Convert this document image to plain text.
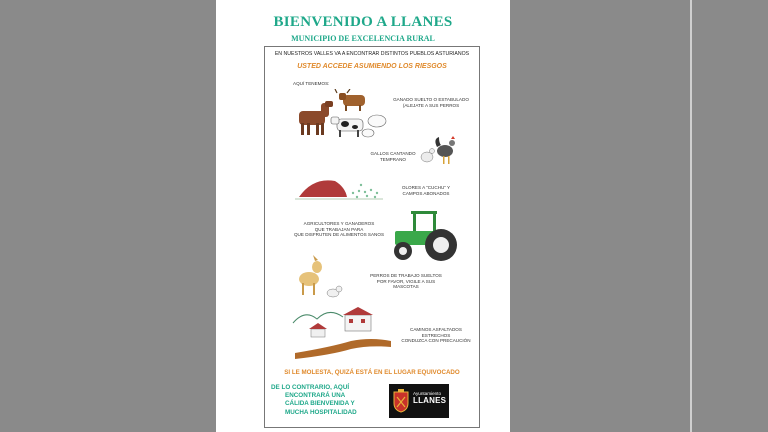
BIENVENIDO A LLANES
MUNICIPIO DE EXCELENCIA RURAL
EN NUESTROS VALLES VA A ENCONTRAR DISTINTOS PUEBLOS ASTURIANOS
USTED ACCEDE ASUMIENDO LOS RIESGOS
AQUÍ TENEMOS:
GANADO SUELTO O ESTABULADO
(ALEJATE A SUS PERROS
GALLOS CANTANDO
TEMPRANO
OLORES A “CUCHU” Y
CAMPOS ABONADOS
AGRICULTORES Y GANADEROS
QUE TRABAJAN PARA
QUE DISFRUTEN DE ALIMENTOS SANOS
PERROS DE TRABAJO SUELTOS
POR FAVOR, VIGILE A SUS MASCOTAS
CAMINOS ASFALTADOS ESTRECHOS
CONDUZCA CON PRECAUCIÓN
SI LE MOLESTA, QUIZÁ ESTÁ EN EL LUGAR EQUIVOCADO
DE LO CONTRARIO, AQUÍ
ENCONTRARÁ UNA
CÁLIDA BIENVENIDA Y
MUCHA HOSPITALIDAD
Ayuntamiento
LLANES
